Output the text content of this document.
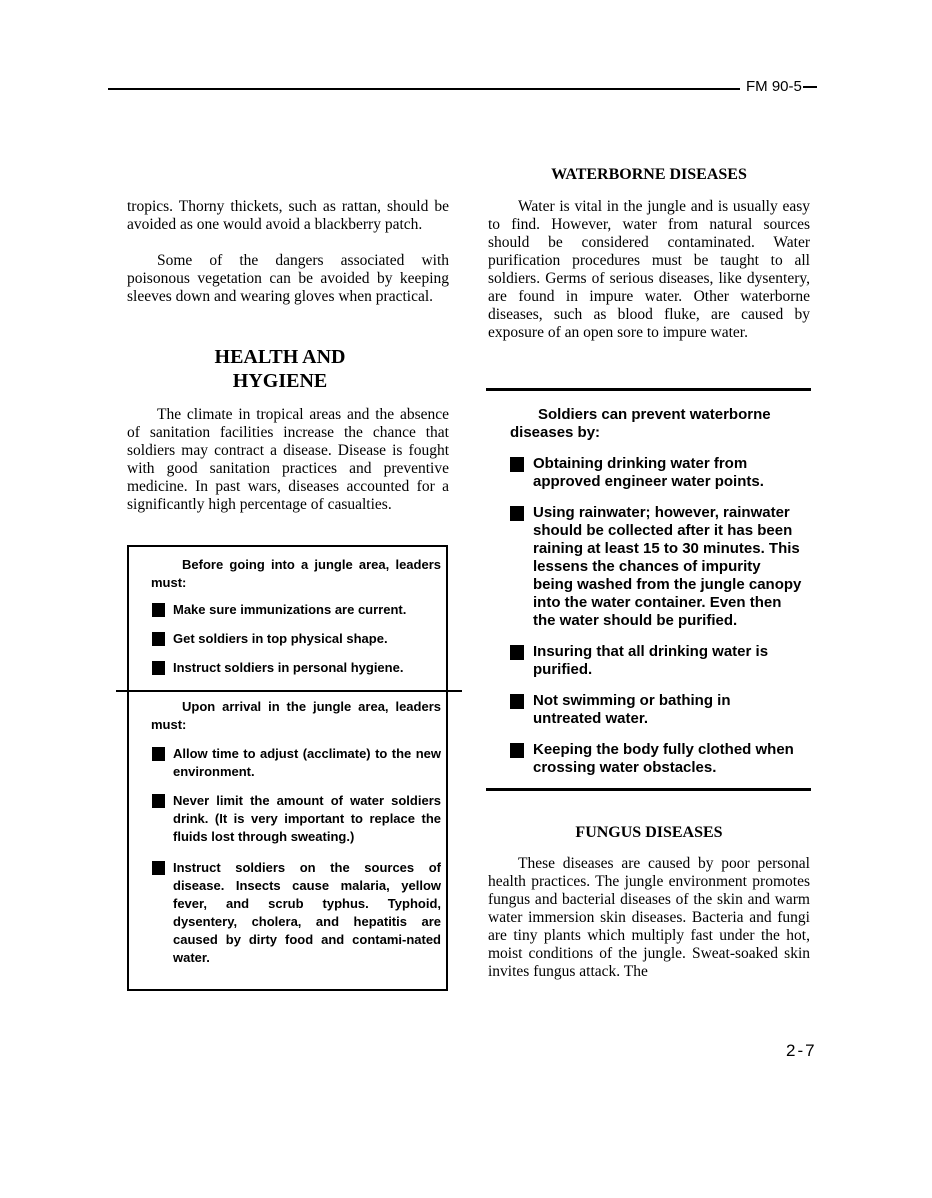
FM 90-5

tropics. Thorny thickets, such as rattan, should be avoided as one would avoid a blackberry patch.

Some of the dangers associated with poisonous vegetation can be avoided by keeping sleeves down and wearing gloves when practical.

HEALTH AND
HYGIENE

The climate in tropical areas and the absence of sanitation facilities increase the chance that soldiers may contract a disease. Disease is fought with good sanitation practices and preventive medicine. In past wars, diseases accounted for a significantly high percentage of casualties.

Before going into a jungle area, leaders must:

Make sure immunizations are current.

Get soldiers in top physical shape.

Instruct soldiers in personal hygiene.

Upon arrival in the jungle area, leaders must:

Allow time to adjust (acclimate) to the new environment.

Never limit the amount of water soldiers drink. (It is very important to replace the fluids lost through sweating.)

Instruct soldiers on the sources of disease. Insects cause malaria, yellow fever, and scrub typhus. Typhoid, dysentery, cholera, and hepatitis are caused by dirty food and contami-nated water.

WATERBORNE DISEASES

Water is vital in the jungle and is usually easy to find. However, water from natural sources should be considered contaminated. Water purification procedures must be taught to all soldiers. Germs of serious diseases, like dysentery, are found in impure water. Other waterborne diseases, such as blood fluke, are caused by exposure of an open sore to impure water.

Soldiers can prevent waterborne diseases by:

Obtaining drinking water from approved engineer water points.

Using rainwater; however, rainwater should be collected after it has been raining at least 15 to 30 minutes. This lessens the chances of impurity being washed from the jungle canopy into the water container. Even then the water should be purified.

Insuring that all drinking water is purified.

Not swimming or bathing in untreated water.

Keeping the body fully clothed when crossing water obstacles.

FUNGUS DISEASES

These diseases are caused by poor personal health practices. The jungle environment promotes fungus and bacterial diseases of the skin and warm water immersion skin diseases. Bacteria and fungi are tiny plants which multiply fast under the hot, moist conditions of the jungle. Sweat-soaked skin invites fungus attack. The

2-7
